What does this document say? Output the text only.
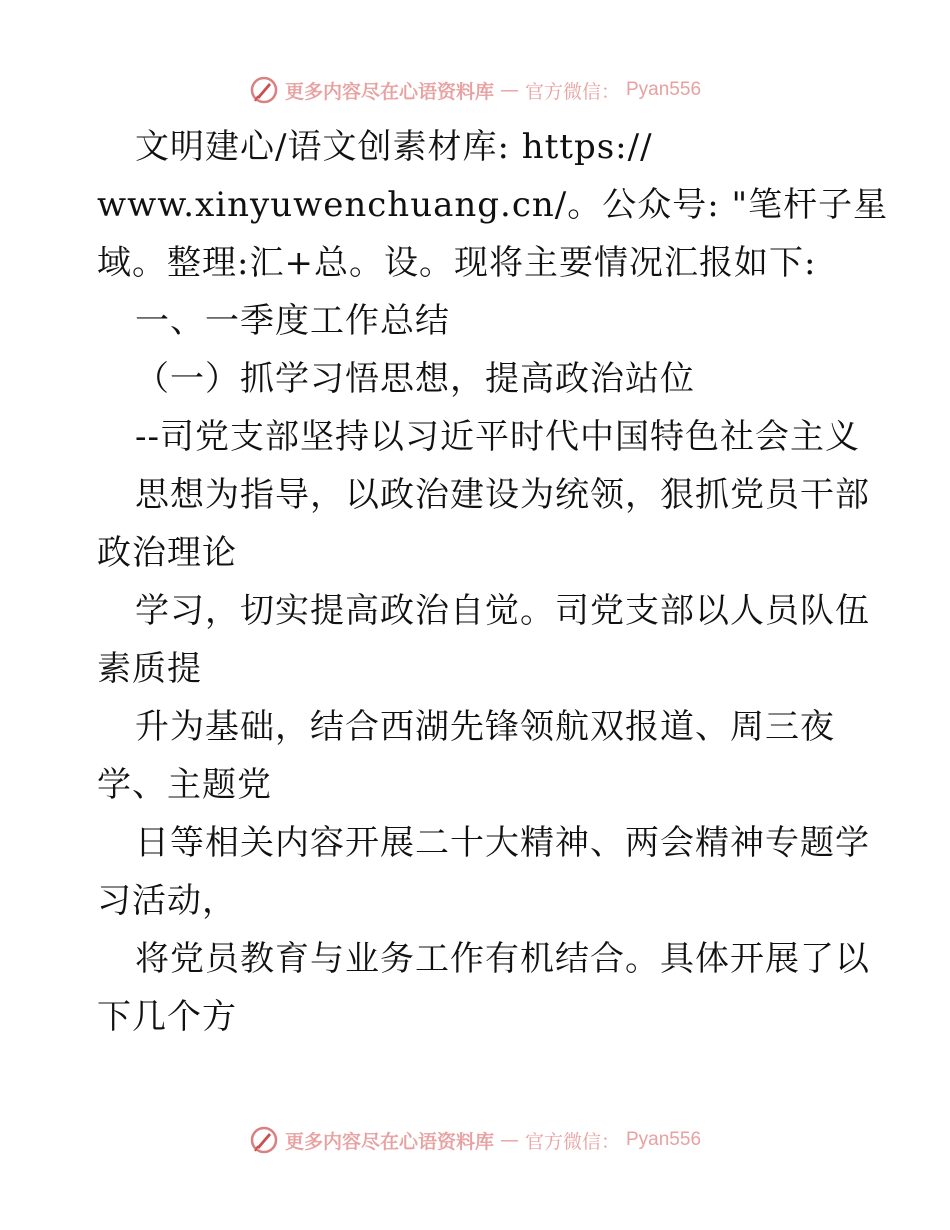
更多内容尽在心语资料库 — 官方微信： Pyan556
文明建心/语文创素材库: https://
www.xinyuwenchuang.cn/。公众号: "笔杆子星
域。整理:汇+总。设。现将主要情况汇报如下:
一、一季度工作总结
（一）抓学习悟思想，提高政治站位
--司党支部坚持以习近平时代中国特色社会主义
思想为指导，以政治建设为统领，狠抓党员干部
政治理论
学习，切实提高政治自觉。司党支部以人员队伍
素质提
升为基础，结合西湖先锋领航双报道、周三夜
学、主题党
日等相关内容开展二十大精神、两会精神专题学
习活动，
将党员教育与业务工作有机结合。具体开展了以
下几个方
更多内容尽在心语资料库 — 官方微信： Pyan556
